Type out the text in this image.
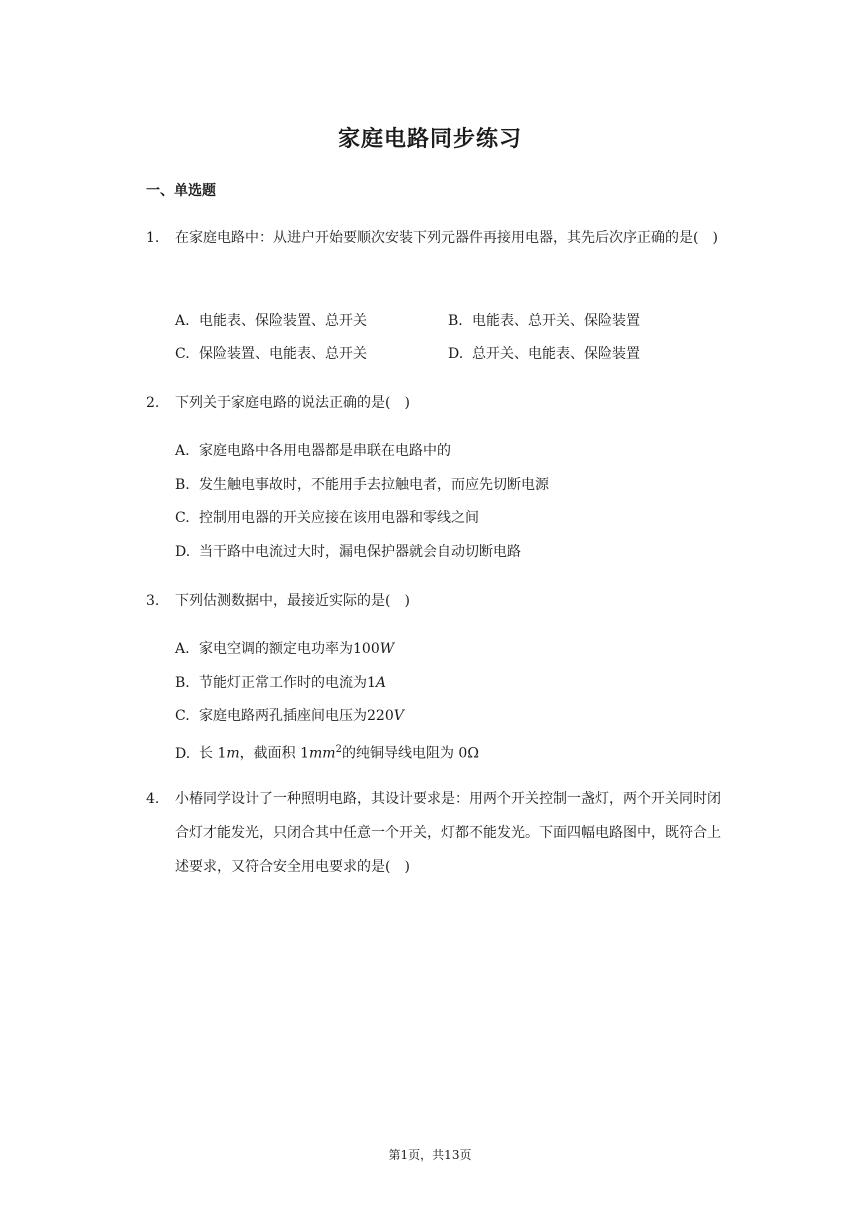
家庭电路同步练习
一、单选题
1. 在家庭电路中：从进户开始要顺次安装下列元器件再接用电器，其先后次序正确的是(　)
A. 电能表、保险装置、总开关	B. 电能表、总开关、保险装置
C. 保险装置、电能表、总开关	D. 总开关、电能表、保险装置
2. 下列关于家庭电路的说法正确的是(　)
A. 家庭电路中各用电器都是串联在电路中的
B. 发生触电事故时，不能用手去拉触电者，而应先切断电源
C. 控制用电器的开关应接在该用电器和零线之间
D. 当干路中电流过大时，漏电保护器就会自动切断电路
3. 下列估测数据中，最接近实际的是(　)
A. 家电空调的额定电功率为100W
B. 节能灯正常工作时的电流为1A
C. 家庭电路两孔插座间电压为220V
D. 长 1m，截面积 $1mm^2$的纯铜导线电阻为 0Ω
4. 小椿同学设计了一种照明电路，其设计要求是：用两个开关控制一盏灯，两个开关同时闭合灯才能发光，只闭合其中任意一个开关，灯都不能发光。下面四幅电路图中，既符合上述要求，又符合安全用电要求的是(　)
第1页，共13页
